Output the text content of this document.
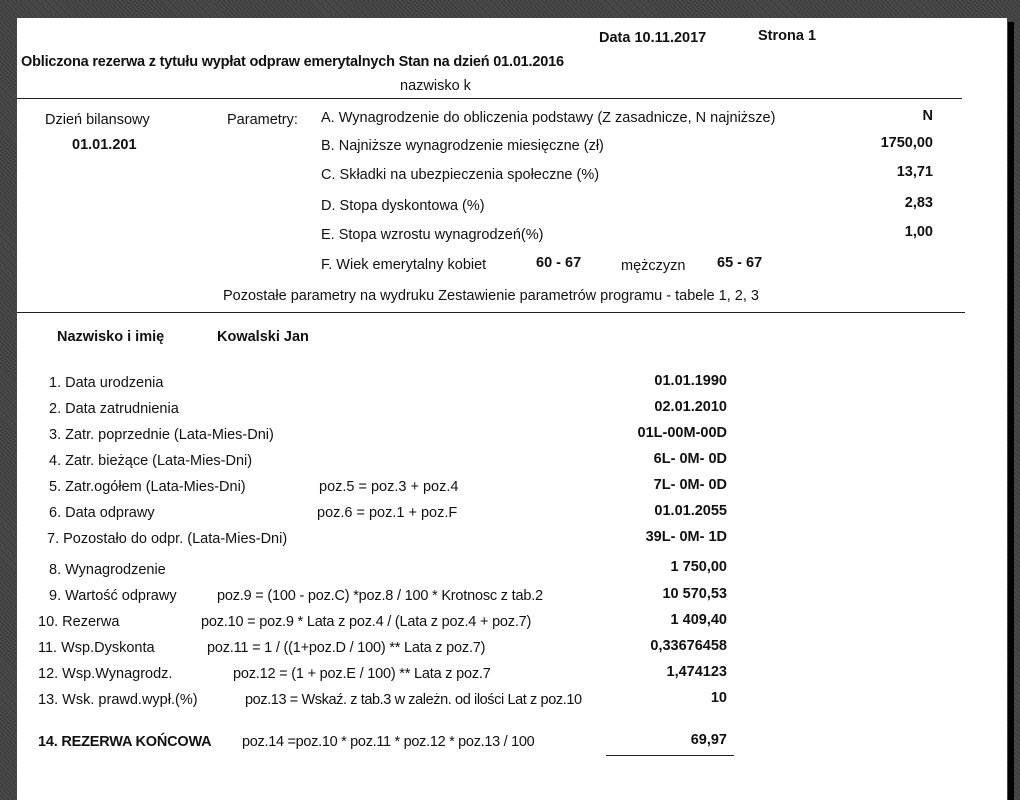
Data 10.11.2017	Strona 1
Obliczona rezerwa z tytułu wypłat odpraw emerytalnych Stan na dzień 01.01.2016
nazwisko k
Dzień bilansowy
01.01.201
Parametry: A. Wynagrodzenie do obliczenia podstawy (Z zasadnicze, N najniższe)	N
B. Najniższe wynagrodzenie miesięczne (zł)	1750,00
C. Składki na ubezpieczenia społeczne (%)	13,71
D. Stopa dyskontowa (%)	2,83
E. Stopa wzrostu wynagrodzeń(%)	1,00
F. Wiek emerytalny kobiet	60 - 67	mężczyzn 65 - 67
Pozostałe parametry na wydruku Zestawienie parametrów programu - tabele 1, 2, 3
Nazwisko i imię	Kowalski Jan
1. Data urodzenia	01.01.1990
2. Data zatrudnienia	02.01.2010
3. Zatr. poprzednie (Lata-Mies-Dni)	01L-00M-00D
4. Zatr. bieżące (Lata-Mies-Dni)	6L- 0M- 0D
5. Zatr.ogółem (Lata-Mies-Dni)	poz.5 = poz.3 + poz.4	7L- 0M- 0D
6. Data odprawy	poz.6 = poz.1 + poz.F	01.01.2055
7. Pozostało do odpr. (Lata-Mies-Dni)	39L- 0M- 1D
8. Wynagrodzenie	1 750,00
9. Wartość odprawy	poz.9 = (100 - poz.C) *poz.8 / 100 * Krotnosc z tab.2	10 570,53
10. Rezerwa	poz.10 = poz.9 * Lata z poz.4 / (Lata z poz.4 + poz.7)	1 409,40
11. Wsp.Dyskonta	poz.11 = 1 / ((1+poz.D / 100) ** Lata z poz.7)	0,33676458
12. Wsp.Wynagrodz.	poz.12 = (1 + poz.E / 100) ** Lata z poz.7	1,474123
13. Wsk. prawd.wypł.(%)	poz.13 = Wskaź. z tab.3 w zależn. od ilości Lat z poz.10	10
14. REZERWA KOŃCOWA poz.14 =poz.10 * poz.11 * poz.12 * poz.13 / 100	69,97
